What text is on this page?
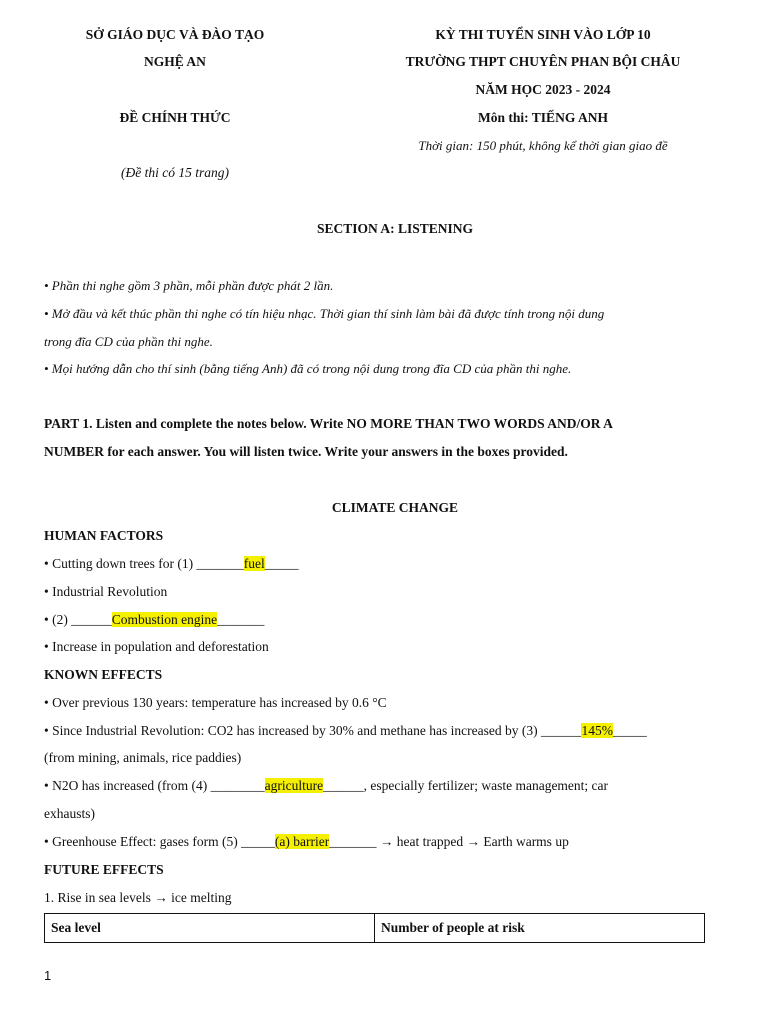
SỞ GIÁO DỤC VÀ ĐÀO TẠO
NGHỆ AN
ĐỀ CHÍNH THỨC
(Đề thi có 15 trang)
KỲ THI TUYỂN SINH VÀO LỚP 10
TRƯỜNG THPT CHUYÊN PHAN BỘI CHÂU
NĂM HỌC 2023 - 2024
Môn thi: TIẾNG ANH
Thời gian: 150 phút, không kể thời gian giao đề
SECTION A: LISTENING
• Phần thi nghe gồm 3 phần, mỗi phần được phát 2 lần.
• Mở đầu và kết thúc phần thi nghe có tín hiệu nhạc. Thời gian thí sinh làm bài đã được tính trong nội dung
trong đĩa CD của phần thi nghe.
• Mọi hướng dẫn cho thí sinh (bằng tiếng Anh) đã có trong nội dung trong đĩa CD của phần thi nghe.
PART 1. Listen and complete the notes below. Write NO MORE THAN TWO WORDS AND/OR A
NUMBER for each answer. You will listen twice. Write your answers in the boxes provided.
CLIMATE CHANGE
HUMAN FACTORS
• Cutting down trees for (1) _______fuel_____
• Industrial Revolution
• (2) ______Combustion engine_______
• Increase in population and deforestation
KNOWN EFFECTS
• Over previous 130 years: temperature has increased by 0.6 °C
• Since Industrial Revolution: CO2 has increased by 30% and methane has increased by (3) ______145%_____
(from mining, animals, rice paddies)
• N2O has increased (from (4) ________agriculture______, especially fertilizer; waste management; car
exhausts)
• Greenhouse Effect: gases form (5) _____(a) barrier_______ → heat trapped → Earth warms up
FUTURE EFFECTS
1. Rise in sea levels → ice melting
Sea level	Number of people at risk
1
